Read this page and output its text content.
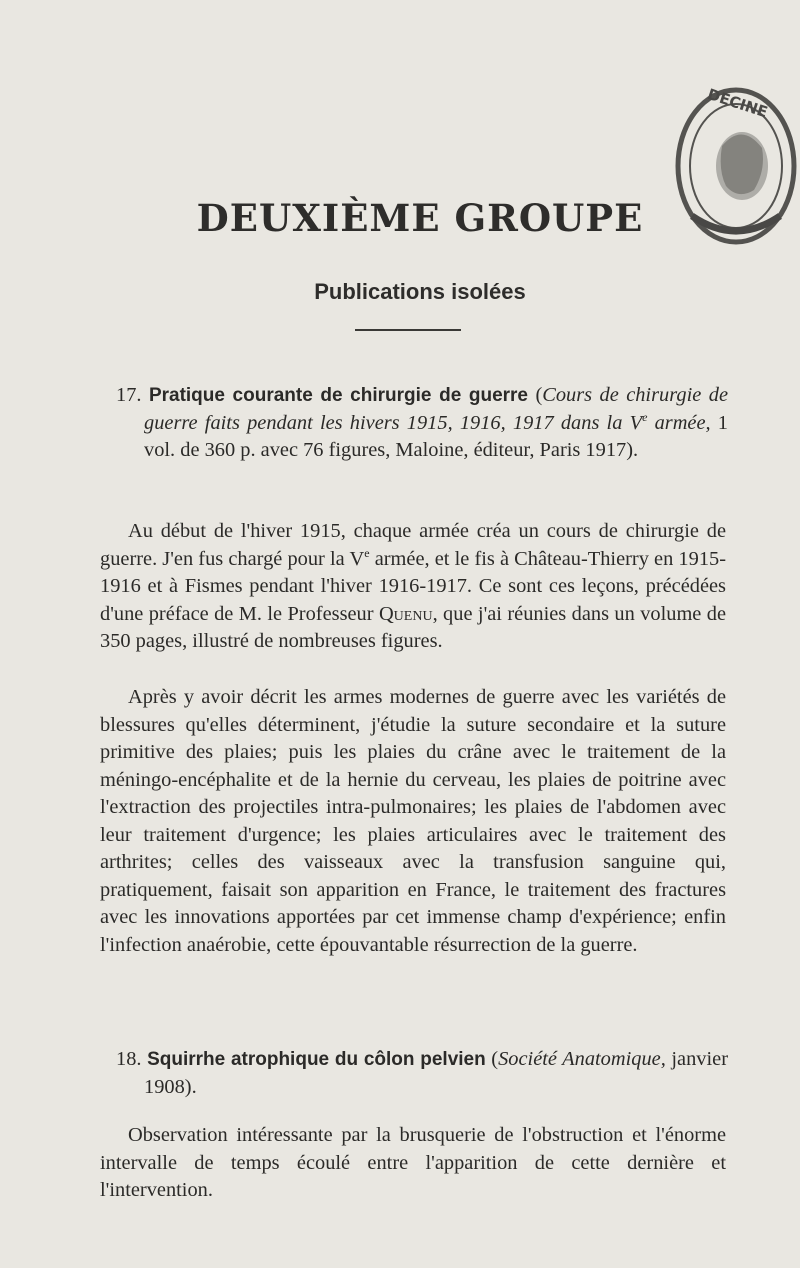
DECINE
DEUXIÈME GROUPE
Publications isolées
17. Pratique courante de chirurgie de guerre (Cours de chirurgie de guerre faits pendant les hivers 1915, 1916, 1917 dans la Ve armée, 1 vol. de 360 p. avec 76 figures, Maloine, éditeur, Paris 1917).
Au début de l'hiver 1915, chaque armée créa un cours de chirurgie de guerre. J'en fus chargé pour la Ve armée, et le fis à Château-Thierry en 1915-1916 et à Fismes pendant l'hiver 1916-1917. Ce sont ces leçons, précédées d'une préface de M. le Professeur Quenu, que j'ai réunies dans un volume de 350 pages, illustré de nombreuses figures.
Après y avoir décrit les armes modernes de guerre avec les variétés de blessures qu'elles déterminent, j'étudie la suture secondaire et la suture primitive des plaies; puis les plaies du crâne avec le traitement de la méningo-encéphalite et de la hernie du cerveau, les plaies de poitrine avec l'extraction des projectiles intra-pulmonaires; les plaies de l'abdomen avec leur traitement d'urgence; les plaies articulaires avec le traitement des arthrites; celles des vaisseaux avec la transfusion sanguine qui, pratiquement, faisait son apparition en France, le traitement des fractures avec les innovations apportées par cet immense champ d'expérience; enfin l'infection anaérobie, cette épouvantable résurrection de la guerre.
18. Squirrhe atrophique du côlon pelvien (Société Anatomique, janvier 1908).
Observation intéressante par la brusquerie de l'obstruction et l'énorme intervalle de temps écoulé entre l'apparition de cette dernière et l'intervention.
